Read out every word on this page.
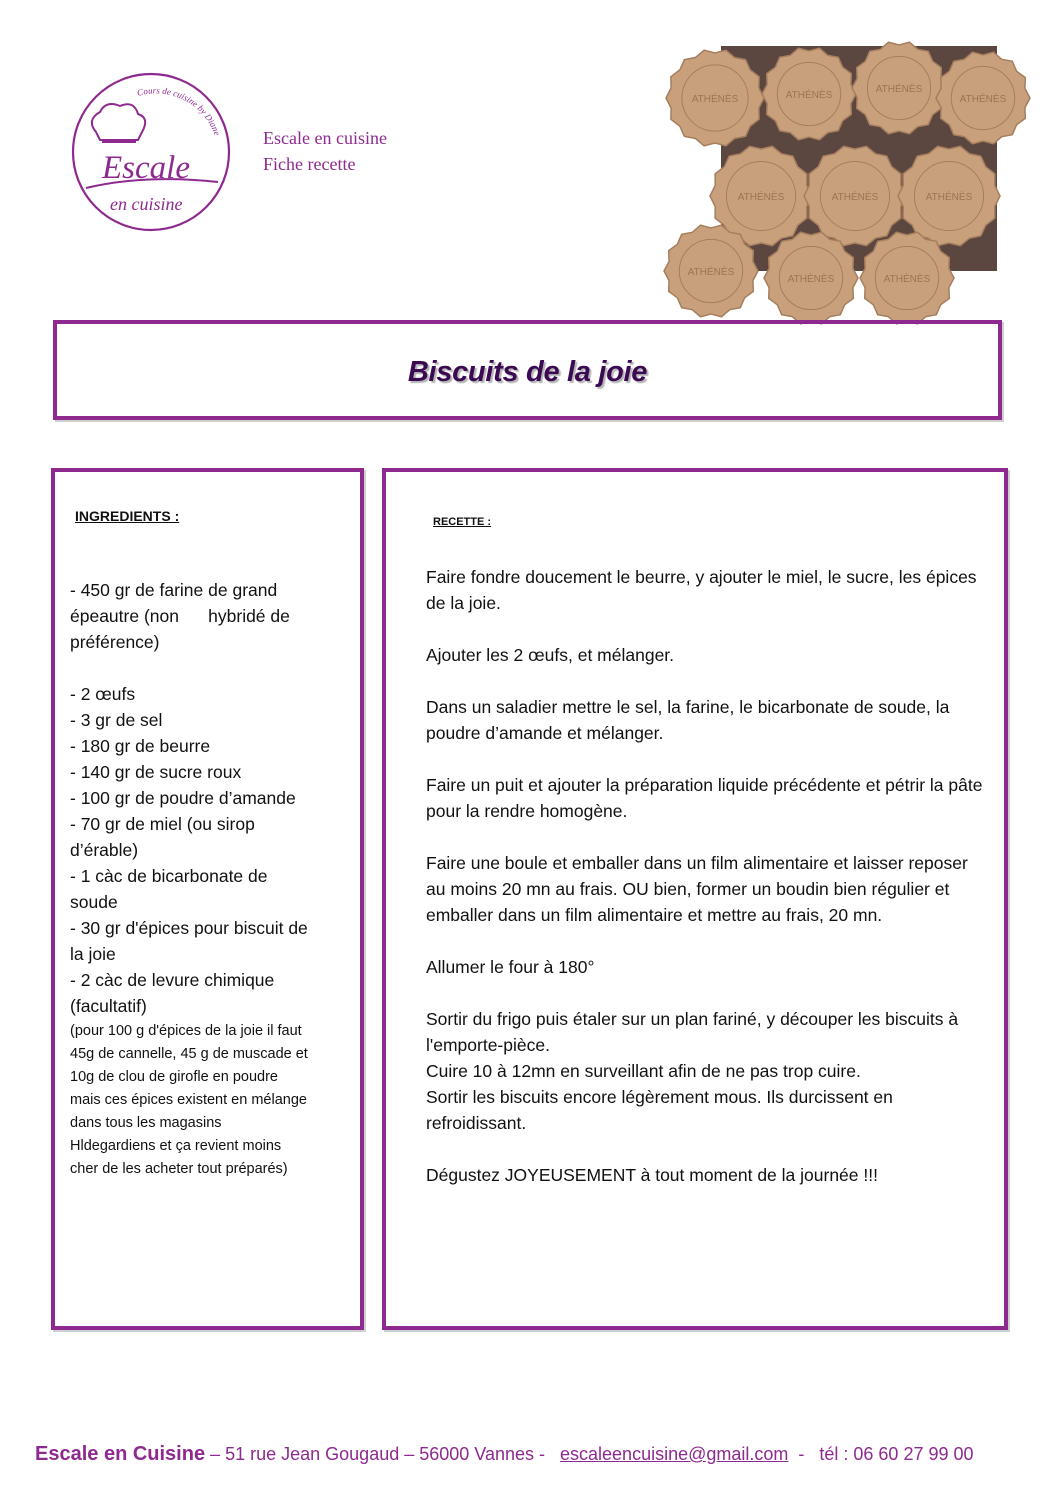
Cours de cuisine by Diane
Escale
en cuisine
Escale en cuisine
Fiche recette
ATHÉNÈS	ATHÉNÈS
ATHÉNÈS
ATHÉNÈS
ATHÉNÈS	ATHÉNÈS	ATHÉNÈS
ATHÉNÈS
ATHÉNÈS	ATHÉNÈS
Biscuits de la joie
INGREDIENTS :
- 450 gr de farine de grand
épeautre (non      hybridé de
préférence)
- 2 œufs
- 3 gr de sel
- 180 gr de beurre
- 140 gr de sucre roux
- 100 gr de poudre d’amande
- 70 gr de miel (ou sirop
d’érable)
- 1 càc de bicarbonate de
soude
- 30 gr d'épices pour biscuit de
la joie
- 2 càc de levure chimique
(facultatif)
(pour 100 g d'épices de la joie il faut
45g de cannelle, 45 g de muscade et
10g de clou de girofle en poudre
mais ces épices existent en mélange
dans tous les magasins
Hldegardiens et ça revient moins
cher de les acheter tout préparés)
RECETTE :

Faire fondre doucement le beurre, y ajouter le miel, le sucre, les épices de la joie.

Ajouter les 2 œufs, et mélanger.

Dans un saladier mettre le sel, la farine, le bicarbonate de soude, la poudre d’amande et mélanger.

Faire un puit et ajouter la préparation liquide précédente et pétrir la pâte pour la rendre homogène.

Faire une boule et emballer dans un film alimentaire et laisser reposer au moins 20 mn au frais. OU bien, former un boudin bien régulier et emballer dans un film alimentaire et mettre au frais, 20 mn.

Allumer le four à 180°

Sortir du frigo puis étaler sur un plan fariné, y découper les biscuits à l'emporte-pièce.

Cuire 10 à 12mn en surveillant afin de ne pas trop cuire.

Sortir les biscuits encore légèrement mous. Ils durcissent en refroidissant.

Dégustez JOYEUSEMENT à tout moment de la journée !!!

Escale en Cuisine – 51 rue Jean Gougaud – 56000 Vannes -   escaleencuisine@gmail.com  -   tél : 06 60 27 99 00
